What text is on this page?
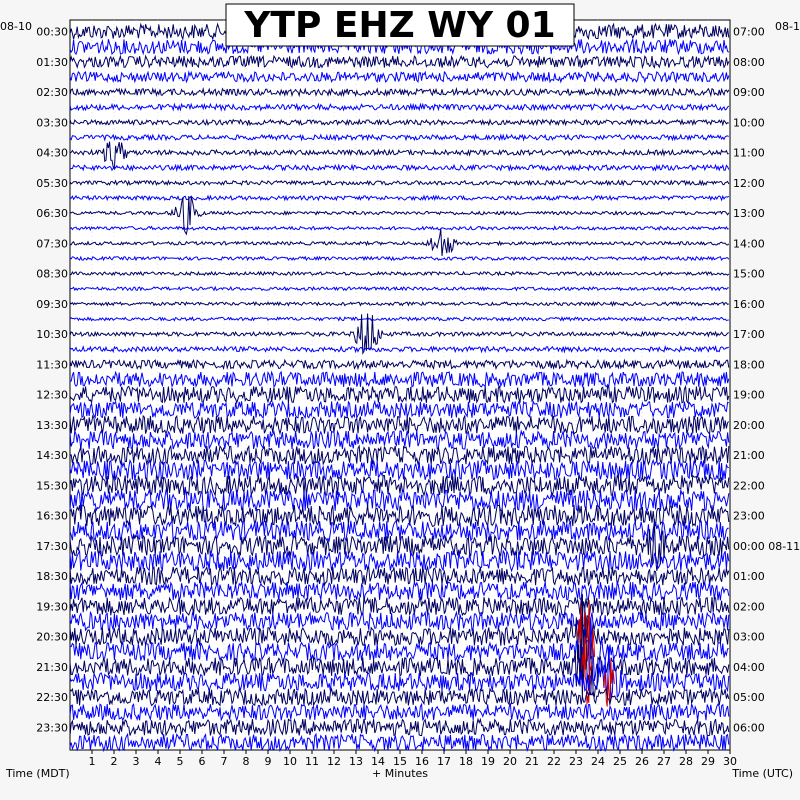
1 2 3 4 5 6 7 8 9 10 11 12 13 14 15 16 17 18 19 20 21 22 23 24 25 26 27 28 29 30
00:30
01:30
02:30
03:30
04:30
05:30
06:30
07:30
08:30
09:30
10:30
11:30
12:30
13:30
14:30
15:30
16:30
17:30
18:30
19:30
20:30
21:30
22:30
23:30
07:00
08:00
09:00
10:00
11:00
12:00
13:00
14:00
15:00
16:00
17:00
18:00
19:00
20:00
21:00
22:00
23:00
00:00 08-11
01:00
02:00
03:00
04:00
05:00
06:00
YTP EHZ WY 01
08-10	08-1
Time (MDT)	+ Minutes	Time (UTC)
